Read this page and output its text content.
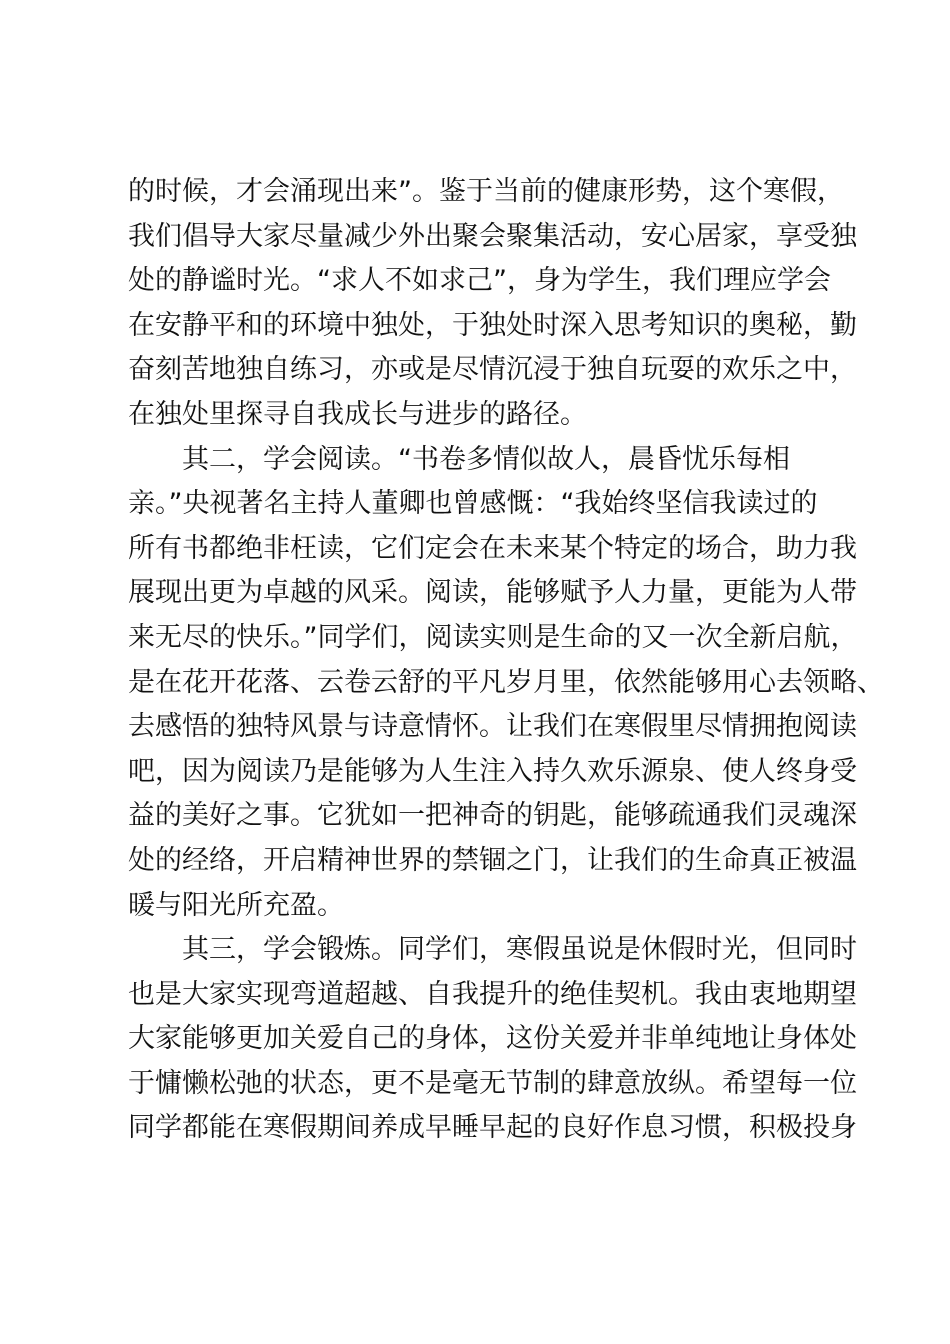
的时候，才会涌现出来”。鉴于当前的健康形势，这个寒假，
我们倡导大家尽量减少外出聚会聚集活动，安心居家，享受独
处的静谧时光。“求人不如求己”，身为学生，我们理应学会
在安静平和的环境中独处，于独处时深入思考知识的奥秘，勤
奋刻苦地独自练习，亦或是尽情沉浸于独自玩耍的欢乐之中，
在独处里探寻自我成长与进步的路径。
其二，学会阅读。“书卷多情似故人，晨昏忧乐每相
亲。”央视著名主持人董卿也曾感慨：“我始终坚信我读过的
所有书都绝非枉读，它们定会在未来某个特定的场合，助力我
展现出更为卓越的风采。阅读，能够赋予人力量，更能为人带
来无尽的快乐。”同学们，阅读实则是生命的又一次全新启航，
是在花开花落、云卷云舒的平凡岁月里，依然能够用心去领略、
去感悟的独特风景与诗意情怀。让我们在寒假里尽情拥抱阅读
吧，因为阅读乃是能够为人生注入持久欢乐源泉、使人终身受
益的美好之事。它犹如一把神奇的钥匙，能够疏通我们灵魂深
处的经络，开启精神世界的禁锢之门，让我们的生命真正被温
暖与阳光所充盈。
其三，学会锻炼。同学们，寒假虽说是休假时光，但同时
也是大家实现弯道超越、自我提升的绝佳契机。我由衷地期望
大家能够更加关爱自己的身体，这份关爱并非单纯地让身体处
于慵懒松弛的状态，更不是毫无节制的肆意放纵。希望每一位
同学都能在寒假期间养成早睡早起的良好作息习惯，积极投身
